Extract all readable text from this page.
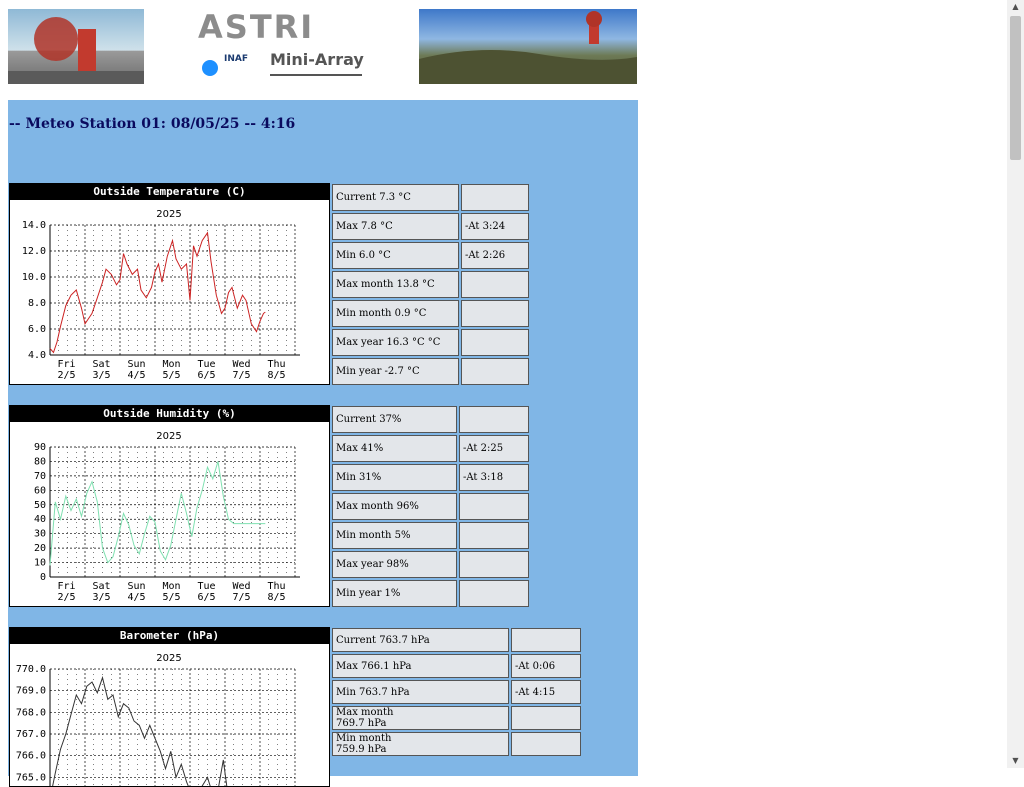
ASTRI
INAF Mini-Array
-- Meteo Station 01: 08/05/25 -- 4:16
Outside Temperature (C)
2025
14.0
12.0
10.0
8.0
6.0
4.0
Fri
2/5
Sat
3/5
Sun
4/5
Mon
5/5
Tue
6/5
Wed
7/5
Thu
8/5
Current 7.3 °C	
Max 7.8 °C	-At 3:24
Min 6.0 °C	-At 2:26
Max month 13.8 °C	
Min month 0.9 °C	
Max year 16.3 °C °C	
Min year -2.7 °C	
Outside Humidity (%)
2025
90
80
70
60
50
40
30
20
10
0
Fri
2/5
Sat
3/5
Sun
4/5
Mon
5/5
Tue
6/5
Wed
7/5
Thu
8/5
Current 37%	
Max 41%	-At 2:25
Min 31%	-At 3:18
Max month 96%	
Min month 5%	
Max year 98%	
Min year 1%	
Barometer (hPa)
2025
770.0
769.0
768.0
767.0
766.0
765.0
Current 763.7 hPa	
Max 766.1 hPa	-At 0:06
Min 763.7 hPa	-At 4:15

Max month
769.7 hPa	

Min month
759.9 hPa	

▲
▼
